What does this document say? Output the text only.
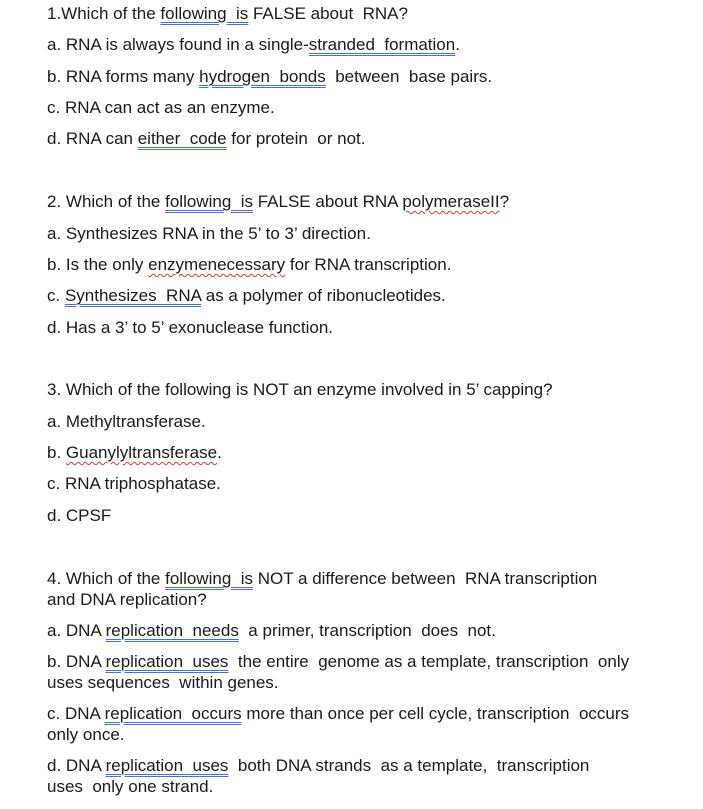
1.Which of the following  is FALSE about  RNA?
a. RNA is always found in a single-stranded  formation.
b. RNA forms many hydrogen  bonds  between  base pairs.
c. RNA can act as an enzyme.
d. RNA can either  code for protein  or not.
2. Which of the following  is FALSE about RNA polymeraseII?
a. Synthesizes RNA in the 5’ to 3’ direction.
b. Is the only enzymenecessary for RNA transcription.
c. Synthesizes  RNA as a polymer of ribonucleotides.
d. Has a 3’ to 5’ exonuclease function.
3. Which of the following is NOT an enzyme involved in 5’ capping?
a. Methyltransferase.
b. Guanylyltransferase.
c. RNA triphosphatase.
d. CPSF
4. Which of the following  is NOT a difference between  RNA transcription
and DNA replication?
a. DNA replication  needs  a primer, transcription  does  not.
b. DNA replication  uses  the entire  genome as a template, transcription  only
uses sequences  within genes.
c. DNA replication  occurs more than once per cell cycle, transcription  occurs
only once.
d. DNA replication  uses  both DNA strands  as a template,  transcription
uses  only one strand.
